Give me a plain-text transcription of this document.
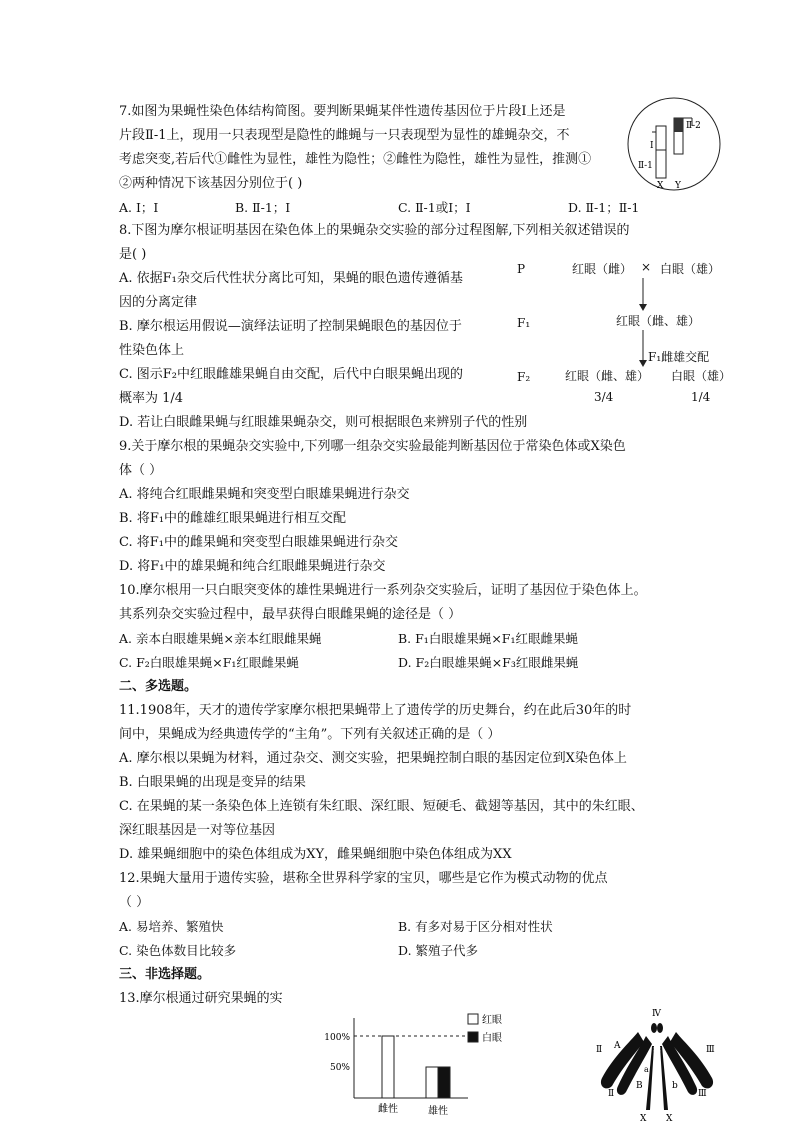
7.如图为果蝇性染色体结构简图。要判断果蝇某伴性遗传基因位于片段Ⅰ上还是
片段Ⅱ-1上，现用一只表现型是隐性的雌蝇与一只表现型为显性的雄蝇杂交，不
考虑突变,若后代①雌性为显性，雄性为隐性；②雌性为隐性，雄性为显性，推测①
②两种情况下该基因分别位于( )
A. Ⅰ；Ⅰ	B. Ⅱ-1；Ⅰ	C. Ⅱ-1或Ⅰ；Ⅰ	D. Ⅱ-1；Ⅱ-1
Ⅱ-2
Ⅰ
Ⅱ-1
X Y
8.下图为摩尔根证明基因在染色体上的果蝇杂交实验的部分过程图解,下列相关叙述错误的
是( )
A. 依据F₁杂交后代性状分离比可知，果蝇的眼色遗传遵循基
因的分离定律
B. 摩尔根运用假说—演绎法证明了控制果蝇眼色的基因位于
性染色体上
C. 图示F₂中红眼雌雄果蝇自由交配，后代中白眼果蝇出现的
概率为 1/4
D. 若让白眼雌果蝇与红眼雄果蝇杂交，则可根据眼色来辨别子代的性别
P	红眼（雌） × 白眼（雄）
F₁	红眼（雌、雄）
F₁雌雄交配
F₂	红眼（雌、雄） 白眼（雄）
3/4	1/4
9.关于摩尔根的果蝇杂交实验中,下列哪一组杂交实验最能判断基因位于常染色体或X染色
体（ ）
A. 将纯合红眼雌果蝇和突变型白眼雄果蝇进行杂交
B. 将F₁中的雌雄红眼果蝇进行相互交配
C. 将F₁中的雌果蝇和突变型白眼雄果蝇进行杂交
D. 将F₁中的雄果蝇和纯合红眼雌果蝇进行杂交
10.摩尔根用一只白眼突变体的雄性果蝇进行一系列杂交实验后，证明了基因位于染色体上。
其系列杂交实验过程中，最早获得白眼雌果蝇的途径是（ ）
A. 亲本白眼雄果蝇×亲本红眼雌果蝇	B. F₁白眼雄果蝇×F₁红眼雌果蝇
C. F₂白眼雄果蝇×F₁红眼雌果蝇	D. F₂白眼雄果蝇×F₃红眼雌果蝇
二、多选题。
11.1908年，天才的遗传学家摩尔根把果蝇带上了遗传学的历史舞台，约在此后30年的时
间中，果蝇成为经典遗传学的“主角”。下列有关叙述正确的是（ ）
A. 摩尔根以果蝇为材料，通过杂交、测交实验，把果蝇控制白眼的基因定位到X染色体上
B. 白眼果蝇的出现是变异的结果
C. 在果蝇的某一条染色体上连锁有朱红眼、深红眼、短硬毛、截翅等基因，其中的朱红眼、
深红眼基因是一对等位基因
D. 雄果蝇细胞中的染色体组成为XY，雌果蝇细胞中染色体组成为XX
12.果蝇大量用于遗传实验，堪称全世界科学家的宝贝，哪些是它作为模式动物的优点
（ ）
A. 易培养、繁殖快	B. 有多对易于区分相对性状
C. 染色体数目比较多	D. 繁殖子代多
三、非选择题。
13.摩尔根通过研究果蝇的实
100%
50%
雌性	雄性
红眼
白眼
Ⅳ
Ⅱ	Ⅲ
A
a
B	b
Ⅱ	Ⅲ
X X
